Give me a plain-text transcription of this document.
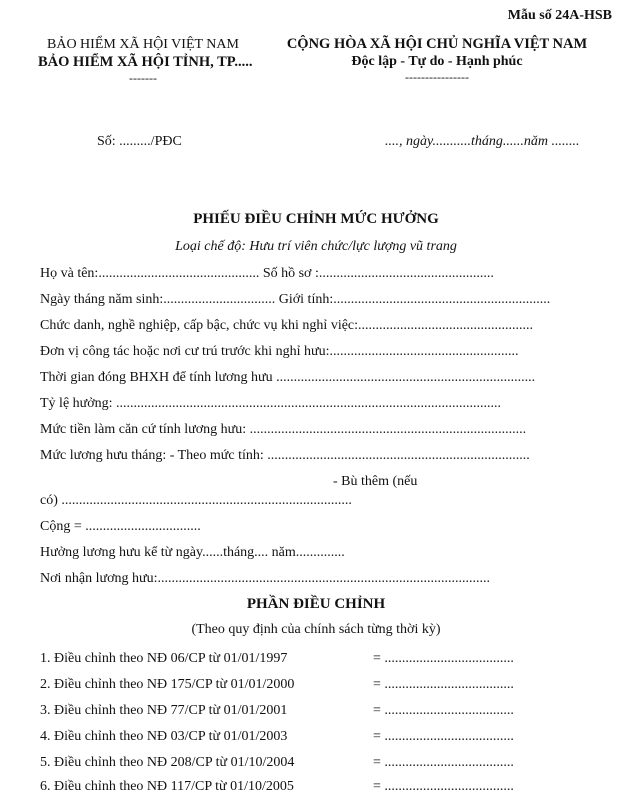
Mẫu số 24A-HSB
BẢO HIỂM XÃ HỘI VIỆT NAM
BẢO HIỂM XÃ HỘI TỈNH, TP.....
-------
CỘNG HÒA XÃ HỘI CHỦ NGHĨA VIỆT NAM
Độc lập - Tự do - Hạnh phúc
----------------
Số: ........./PĐC	...., ngày...........tháng......năm ........
PHIẾU ĐIỀU CHỈNH MỨC HƯỞNG
Loại chế độ: Hưu trí viên chức/lực lượng vũ trang
Họ và tên:.............................................. Số hồ sơ :..................................................
Ngày tháng năm sinh:................................ Giới tính:..............................................................
Chức danh, nghề nghiệp, cấp bậc, chức vụ khi nghỉ việc:..................................................
Đơn vị công tác hoặc nơi cư trú trước khi nghỉ hưu:......................................................
Thời gian đóng BHXH để tính lương hưu ..........................................................................
Tỷ lệ hưởng: ..............................................................................................................
Mức tiền làm căn cứ tính lương hưu: ...............................................................................
Mức lương hưu tháng: - Theo mức tính: ...........................................................................
- Bù thêm (nếu
có) ...................................................................................
Cộng = .................................
Hưởng lương hưu kể từ ngày......tháng.... năm..............
Nơi nhận lương hưu:...............................................................................................
PHẦN ĐIỀU CHỈNH
(Theo quy định của chính sách từng thời kỳ)
1. Điều chỉnh theo NĐ 06/CP từ 01/01/1997	= .....................................
2. Điều chỉnh theo NĐ 175/CP từ 01/01/2000	= .....................................
3. Điều chỉnh theo NĐ 77/CP từ 01/01/2001	= .....................................
4. Điều chỉnh theo NĐ 03/CP từ 01/01/2003	= .....................................
5. Điều chỉnh theo NĐ 208/CP từ 01/10/2004	= .....................................
6. Điều chỉnh theo NĐ 117/CP từ 01/10/2005	= .....................................
